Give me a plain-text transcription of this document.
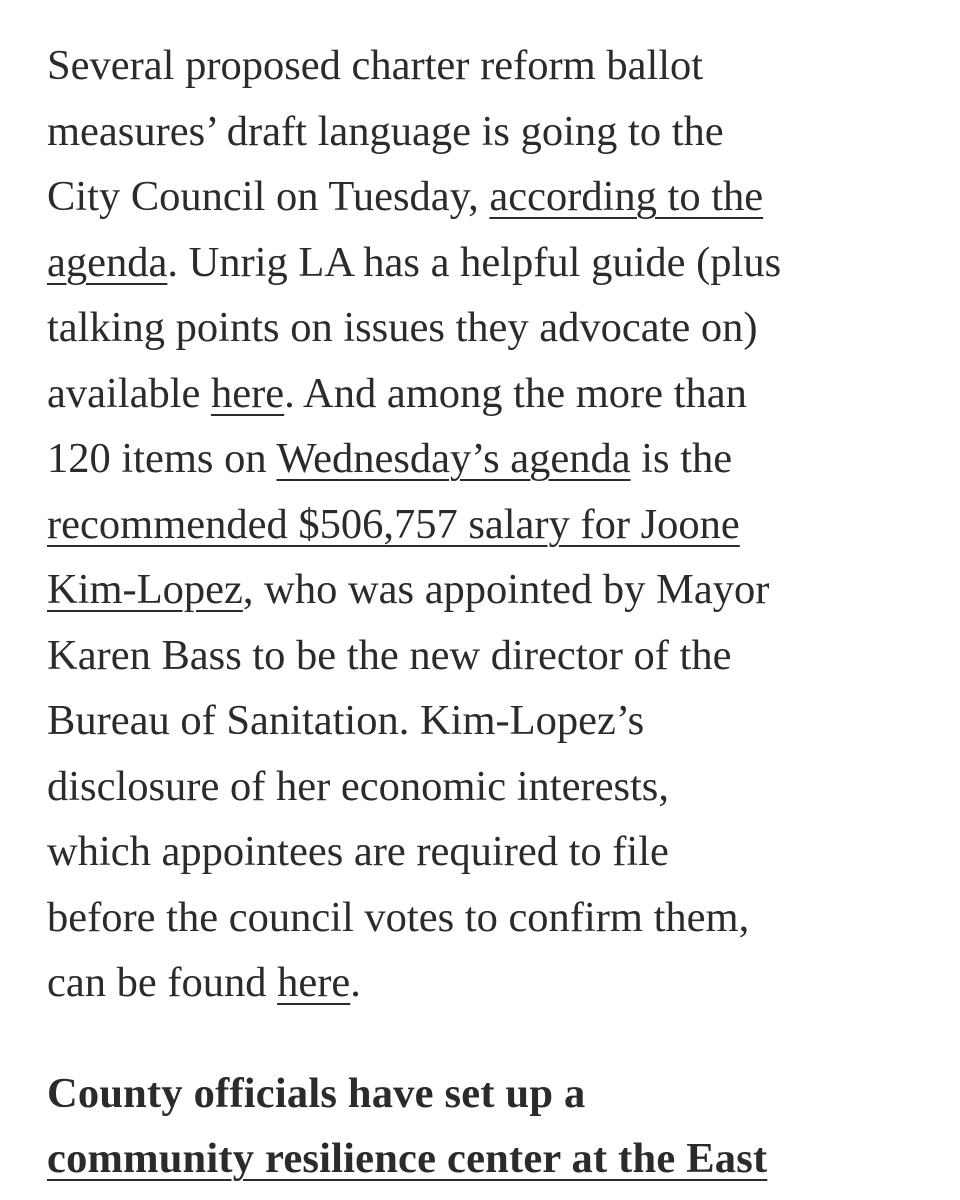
Several proposed charter reform ballot
measures’ draft language is going to the
City Council on Tuesday, according to the
agenda. Unrig LA has a helpful guide (plus
talking points on issues they advocate on)
available here. And among the more than
120 items on Wednesday’s agenda is the
recommended $506,757 salary for Joone
Kim-Lopez, who was appointed by Mayor
Karen Bass to be the new director of the
Bureau of Sanitation. Kim-Lopez’s
disclosure of her economic interests,
which appointees are required to file
before the council votes to confirm them,
can be found here.
County officials have set up a
community resilience center at the East
